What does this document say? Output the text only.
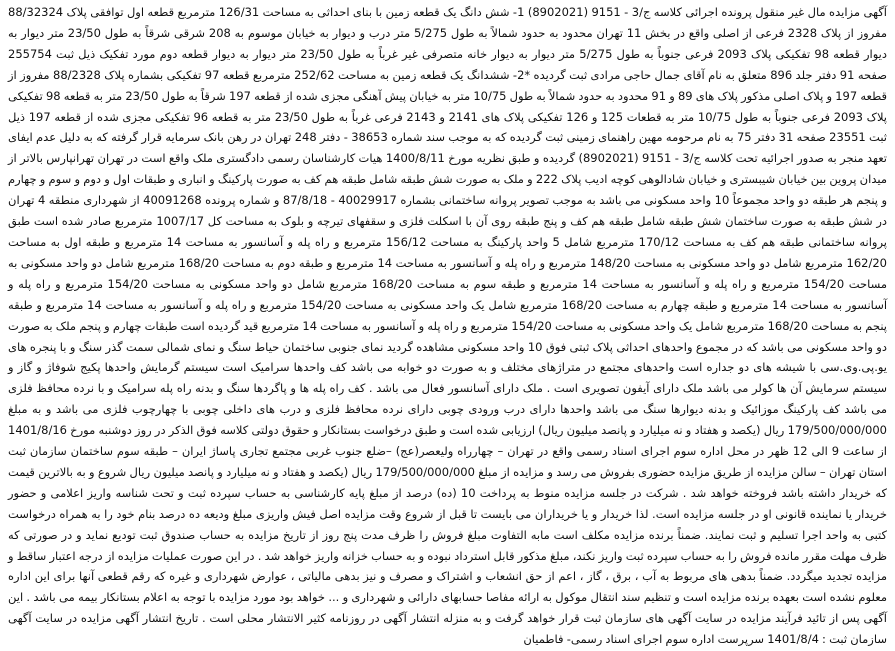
آگهی مزایده مال غیر منقول پرونده اجرائی کلاسه ج/3 - 9151 (8902021) 1- شش دانگ یک قطعه زمین با بنای احداثی به مساحت 126/31 مترمربع قطعه اول توافقی پلاک 88/32324 مفروز از پلاک 2328 فرعی از اصلی واقع در بخش 11 تهران محدود به حدود شمالاً به طول 5/275 متر درب و دیوار به خیابان موسوم به 208 شرقی شرقاً به طول 23/50 متر دیوار به دیوار قطعه 98 تفکیکی پلاک 2093 فرعی جنوباً به طول 5/275 متر دیوار به دیوار خانه متصرفی غیر غرباً به طول 23/50 متر دیوار به دیوار قطعه دوم مورد تفکیک ذیل ثبت 255754 صفحه 91 دفتر جلد 896 متعلق به نام آقای جمال حاجی مرادی ثبت گردیده *2- ششدانگ یک قطعه زمین به مساحت 252/62 مترمربع قطعه 97 تفکیکی بشماره پلاک 88/2328 مفروز از قطعه 197 و پلاک اصلی مذکور پلاک های 89 و 91 محدود به حدود شمالاً به طول 10/75 متر به خیابان پیش آهنگی مجزی شده از قطعه 197 شرقاً به طول 23/50 متر به قطعه 98 تفکیکی پلاک 2093 فرعی جنوباً به طول 10/75 متر به قطعات 125 و 126 تفکیکی پلاک های 2141 و 2143 فرعی غرباً به طول 23/50 متر به قطعه 96 تفکیکی مجزی شده از قطعه 197 ذیل ثبت 23551 صفحه 31 دفتر 75 به نام مرحومه مهین راهنمای زمینی ثبت گردیده که به موجب سند شماره 38653 - دفتر 248 تهران در رهن بانک سرمایه قرار گرفته که به دلیل عدم ایفای تعهد منجر به صدور اجرائیه تحت کلاسه ج/3 - 9151 (8902021) گردیده و طبق نظریه مورخ 1400/8/11 هیات کارشناسان رسمی دادگستری ملک واقع است در تهران تهرانپارس بالاتر از میدان پروین بین خیابان شیبستری و خیابان شادالوهی کوچه ادیب پلاک 222 و ملک به صورت شش طبقه شامل طبقه هم کف به صورت پارکینگ و انباری و طبقات اول و دوم و سوم و چهارم و پنجم هر طبقه دو واحد مجموعاً 10 واحد مسکونی می باشد به موجب تصویر پروانه ساختمانی بشماره 40029917 - 87/8/18 و شماره پرونده 40091268 از شهرداری منطقه 4 تهران در شش طبقه به صورت ساختمان شش طبقه شامل طبقه هم کف و پنج طبقه روی آن با اسکلت فلزی و سقفهای تیرچه و بلوک به مساحت کل 1007/17 مترمربع صادر شده است طبق پروانه ساختمانی طبقه هم کف به مساحت 170/12 مترمربع شامل 5 واحد پارکینگ به مساحت 156/12 مترمربع و راه پله و آسانسور به مساحت 14 مترمربع و طبقه اول به مساحت 162/20 مترمربع شامل دو واحد مسکونی به مساحت 148/20 مترمربع و راه پله و آسانسور به مساحت 14 مترمربع و طبقه دوم به مساحت 168/20 مترمربع شامل دو واحد مسکونی به مساحت 154/20 مترمربع و راه پله و آسانسور به مساحت 14 مترمربع و طبقه سوم به مساحت 168/20 مترمربع شامل دو واحد مسکونی به مساحت 154/20 مترمربع و راه پله و آسانسور به مساحت 14 مترمربع و طبقه چهارم به مساحت 168/20 مترمربع شامل یک واحد مسکونی به مساحت 154/20 مترمربع و راه پله و آسانسور به مساحت 14 مترمربع و طبقه پنجم به مساحت 168/20 مترمربع شامل یک واحد مسکونی به مساحت 154/20 مترمربع و راه پله و آسانسور به مساحت 14 مترمربع قید گردیده است طبقات چهارم و پنجم ملک به صورت دو واحد مسکونی می باشد که در مجموع واحدهای احداثی پلاک ثبتی فوق 10 واحد مسکونی مشاهده گردید نمای جنوبی ساختمان حیاط سنگ و نمای شمالی سمت گذر سنگ و با پنجره های یو.پی.وی.سی با شیشه های دو جداره است واحدهای مجتمع در متراژهای مختلف و به صورت دو خوابه می باشد کف واحدها سرامیک است سیستم گرمایش واحدها پکیج شوفاژ و گاز و سیستم سرمایش آن ها کولر می باشد ملک دارای آیفون تصویری است . ملک دارای آسانسور فعال می باشد . کف راه پله ها و پاگردها سنگ و بدنه راه پله سرامیک و با نرده محافظ فلزی می باشد کف پارکینگ موزائیک و بدنه دیوارها سنگ می باشد واحدها دارای درب ورودی چوبی دارای نرده محافظ فلزی و درب های داخلی چوبی با چهارچوب فلزی می باشد و به مبلغ 179/500/000/000 ریال (یکصد و هفتاد و نه میلیارد و پانصد میلیون ریال) ارزیابی شده است و طبق درخواست بستانکار و حقوق دولتی کلاسه فوق الذکر در روز دوشنبه مورخ 1401/8/16 از ساعت 9 الی 12 ظهر در محل اداره سوم اجرای اسناد رسمی واقع در تهران – چهارراه ولیعصر(عج) –ضلع جنوب غربی مجتمع تجاری پاساژ ایران – طبقه سوم ساختمان سازمان ثبت استان تهران – سالن مزایده از طریق مزایده حضوری بفروش می رسد و مزایده از مبلغ 179/500/000/000 ریال (یکصد و هفتاد و نه میلیارد و پانصد میلیون ریال شروع و به بالاترین قیمت که خریدار داشته باشد فروخته خواهد شد . شرکت در جلسه مزایده منوط به پرداخت 10 (ده) درصد از مبلغ پایه کارشناسی به حساب سپرده ثبت و تحت شناسه واریز اعلامی و حضور خریدار یا نماینده قانونی او در جلسه مزایده است. لذا خریدار و یا خریداران می بایست تا قبل از شروع وقت مزایده اصل فیش واریزی مبلغ ودیعه ده درصد بنام خود را به همراه درخواست کتبی به واحد اجرا تسلیم و ثبت نمایند. ضمناً برنده مزایده مکلف است مابه التفاوت مبلغ فروش را ظرف مدت پنج روز از تاریخ مزایده به حساب صندوق ثبت تودیع نماید و در صورتی که ظرف مهلت مقرر مانده فروش را به حساب سپرده ثبت واریز نکند، مبلغ مذکور قابل استرداد نبوده و به حساب خزانه واریز خواهد شد . در این صورت عملیات مزایده از درجه اعتبار ساقط و مزایده تجدید میگردد. ضمناً بدهی های مربوط به آب ، برق ، گاز ، اعم از حق انشعاب و اشتراک و مصرف و نیز بدهی مالیاتی ، عوارض شهرداری و غیره که رقم قطعی آنها برای این اداره معلوم نشده است بعهده برنده مزایده است و تنظیم سند انتقال موکول به ارائه مفاصا حسابهای دارائی و شهرداری و ... خواهد بود مورد مزایده با توجه به اعلام بستانکار بیمه می باشد . این آگهی پس از تائید فرآیند مزایده در سایت آگهی های سازمان ثبت قرار خواهد گرفت و به منزله انتشار آگهی در روزنامه کثیر الانتشار محلی است . تاریخ انتشار آگهی مزایده در سایت آگهی سازمان ثبت : 1401/8/4 سرپرست اداره سوم اجرای اسناد رسمی- فاطمیان
